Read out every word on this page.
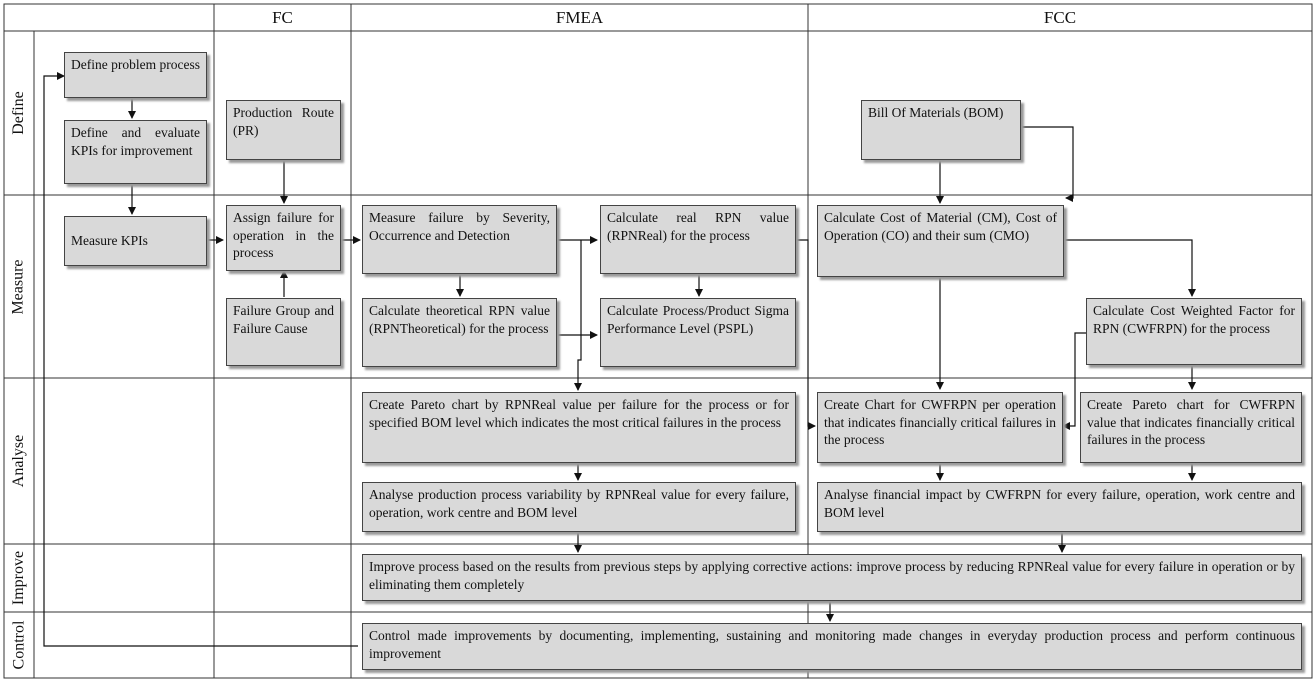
FC	FMEA	FCC
Define
Measure
Analyse
Improve
Control
Define problem process
Define and evaluate KPIs for improvement
Production Route (PR)
Bill Of Materials (BOM)
Measure KPIs
Assign failure for operation in the process
Failure Group and Failure Cause
Measure failure by Severity, Occurrence and Detection
Calculate real RPN value (RPNReal) for the process
Calculate theoretical RPN value (RPNTheoretical) for the process
Calculate Process/Product Sigma Performance Level (PSPL)
Calculate Cost of Material (CM), Cost of Operation (CO) and their sum (CMO)
Calculate Cost Weighted Factor for RPN (CWFRPN) for the process
Create Pareto chart by RPNReal value per failure for the process or for specified BOM level which indicates the most critical failures in the process
Create Chart for CWFRPN per operation that indicates financially critical failures in the process
Create Pareto chart for CWFRPN value that indicates financially critical failures in the process
Analyse production process variability by RPNReal value for every failure, operation, work centre and BOM level
Analyse financial impact by CWFRPN for every failure, operation, work centre and BOM level
Improve process based on the results from previous steps by applying corrective actions: improve process by reducing RPNReal value for every failure in operation or by eliminating them completely
Control made improvements by documenting, implementing, sustaining and monitoring made changes in everyday production process and perform continuous improvement
